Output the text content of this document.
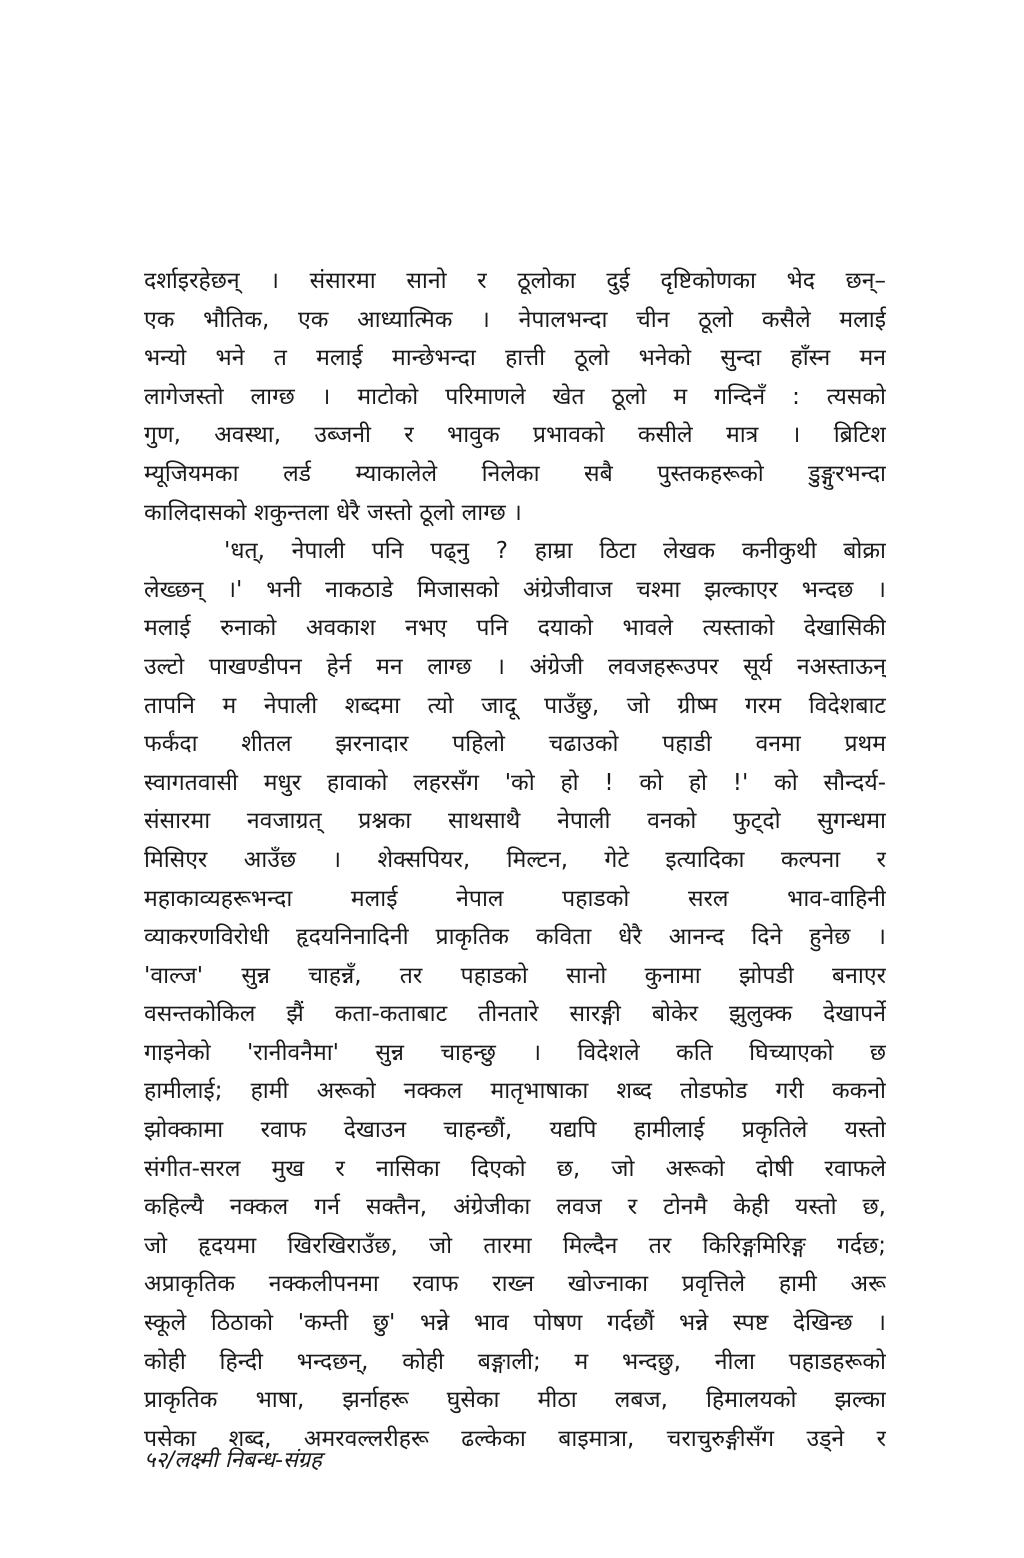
दर्शाइरहेछन् । संसारमा सानो र ठूलोका दुई दृष्टिकोणका भेद छन्–
एक भौतिक, एक आध्यात्मिक । नेपालभन्दा चीन ठूलो कसैले मलाई
भन्यो भने त मलाई मान्छेभन्दा हात्ती ठूलो भनेको सुन्दा हाँस्न मन
लागेजस्तो लाग्छ । माटोको परिमाणले खेत ठूलो म गन्दिनँ : त्यसको
गुण, अवस्था, उब्जनी र भावुक प्रभावको कसीले मात्र । ब्रिटिश
म्यूजियमका लर्ड म्याकालेले निलेका सबै पुस्तकहरूको डुङ्गुरभन्दा
कालिदासको शकुन्तला धेरै जस्तो ठूलो लाग्छ ।
'धत्, नेपाली पनि पढ्नु ? हाम्रा ठिटा लेखक कनीकुथी बोक्रा
लेख्छन् ।' भनी नाकठाडे मिजासको अंग्रेजीवाज चश्मा झल्काएर भन्दछ ।
मलाई रुनाको अवकाश नभए पनि दयाको भावले त्यस्ताको देखासिकी
उल्टो पाखण्डीपन हेर्न मन लाग्छ । अंग्रेजी लवजहरूउपर सूर्य नअस्ताऊन्
तापनि म नेपाली शब्दमा त्यो जादू पाउँछु, जो ग्रीष्म गरम विदेशबाट
फर्कंदा शीतल झरनादार पहिलो चढाउको पहाडी वनमा प्रथम
स्वागतवासी मधुर हावाको लहरसँग 'को हो ! को हो !' को सौन्दर्य-
संसारमा नवजाग्रत् प्रश्नका साथसाथै नेपाली वनको फुट्दो सुगन्धमा
मिसिएर आउँछ । शेक्सपियर, मिल्टन, गेटे इत्यादिका कल्पना र
महाकाव्यहरूभन्दा मलाई नेपाल पहाडको सरल भाव-वाहिनी
व्याकरणविरोधी हृदयनिनादिनी प्राकृतिक कविता धेरै आनन्द दिने हुनेछ ।
'वाल्ज' सुन्न चाहन्नँ, तर पहाडको सानो कुनामा झोपडी बनाएर
वसन्तकोकिल झैं कता-कताबाट तीनतारे सारङ्गी बोकेर झुलुक्क देखापर्ने
गाइनेको 'रानीवनैमा' सुन्न चाहन्छु । विदेशले कति घिच्याएको छ
हामीलाई; हामी अरूको नक्कल मातृभाषाका शब्द तोडफोड गरी ककनो
झोक्कामा रवाफ देखाउन चाहन्छौं, यद्यपि हामीलाई प्रकृतिले यस्तो
संगीत-सरल मुख र नासिका दिएको छ, जो अरूको दोषी रवाफले
कहिल्यै नक्कल गर्न सक्तैन, अंग्रेजीका लवज र टोनमै केही यस्तो छ,
जो हृदयमा खिरखिराउँछ, जो तारमा मिल्दैन तर किरिङ्गमिरिङ्ग गर्दछ;
अप्राकृतिक नक्कलीपनमा रवाफ राख्न खोज्नाका प्रवृत्तिले हामी अरू
स्कूले ठिठाको 'कम्ती छु' भन्ने भाव पोषण गर्दछौं भन्ने स्पष्ट देखिन्छ ।
कोही हिन्दी भन्दछन्, कोही बङ्गाली; म भन्दछु, नीला पहाडहरूको
प्राकृतिक भाषा, झर्नाहरू घुसेका मीठा लबज, हिमालयको झल्का
पसेका शब्द, अमरवल्लरीहरू ढल्केका बाइमात्रा, चराचुरुङ्गीसँग उड्ने र
५२/लक्ष्मी निबन्ध-संग्रह
